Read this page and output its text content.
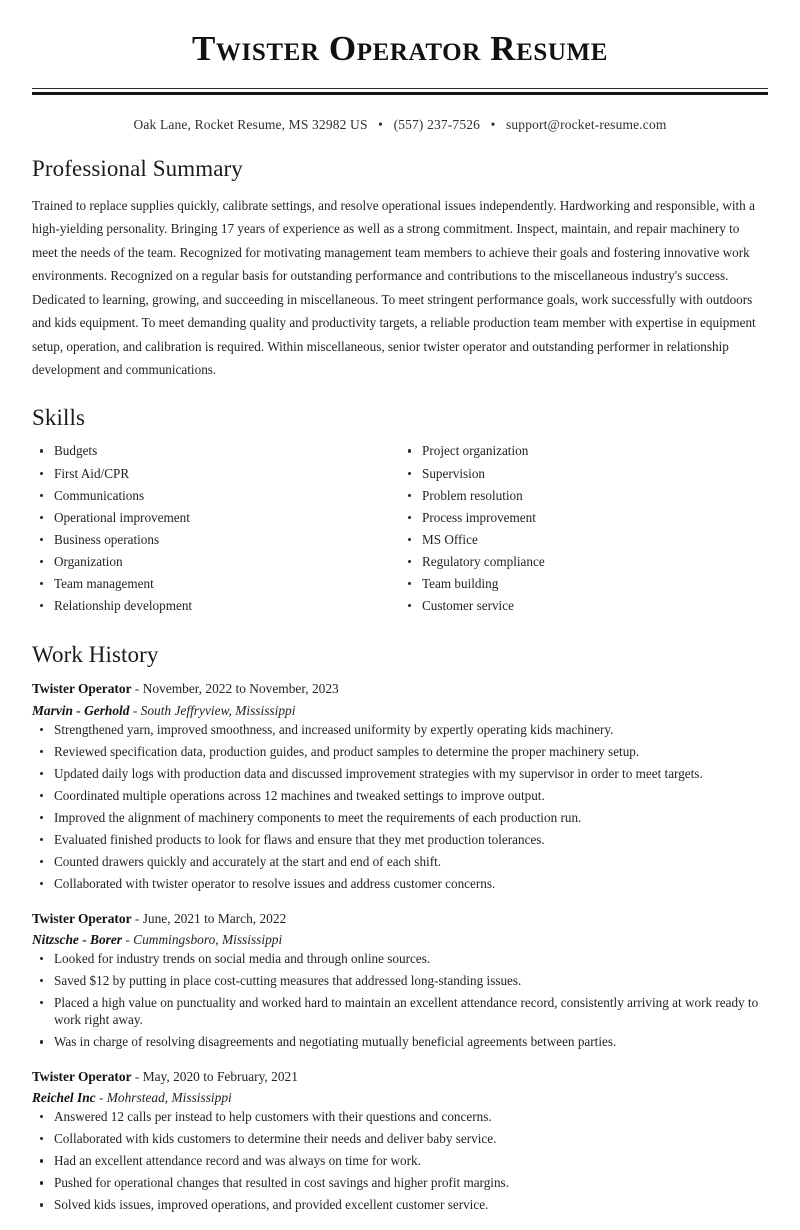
Twister Operator Resume
Oak Lane, Rocket Resume, MS 32982 US • (557) 237-7526 • support@rocket-resume.com
Professional Summary

Trained to replace supplies quickly, calibrate settings, and resolve operational issues independently. Hardworking and responsible, with a high-yielding personality. Bringing 17 years of experience as well as a strong commitment. Inspect, maintain, and repair machinery to meet the needs of the team. Recognized for motivating management team members to achieve their goals and fostering innovative work environments. Recognized on a regular basis for outstanding performance and contributions to the miscellaneous industry's success. Dedicated to learning, growing, and succeeding in miscellaneous. To meet stringent performance goals, work successfully with outdoors and kids equipment. To meet demanding quality and productivity targets, a reliable production team member with expertise in equipment setup, operation, and calibration is required. Within miscellaneous, senior twister operator and outstanding performer in relationship development and communications.

Skills
Budgets
First Aid/CPR
Communications
Operational improvement
Business operations
Organization
Team management
Relationship development
Project organization
Supervision
Problem resolution
Process improvement
MS Office
Regulatory compliance
Team building
Customer service
Work History
Twister Operator - November, 2022 to November, 2023
Marvin - Gerhold - South Jeffryview, Mississippi
Strengthened yarn, improved smoothness, and increased uniformity by expertly operating kids machinery.
Reviewed specification data, production guides, and product samples to determine the proper machinery setup.
Updated daily logs with production data and discussed improvement strategies with my supervisor in order to meet targets.
Coordinated multiple operations across 12 machines and tweaked settings to improve output.
Improved the alignment of machinery components to meet the requirements of each production run.
Evaluated finished products to look for flaws and ensure that they met production tolerances.
Counted drawers quickly and accurately at the start and end of each shift.
Collaborated with twister operator to resolve issues and address customer concerns.
Twister Operator - June, 2021 to March, 2022
Nitzsche - Borer - Cummingsboro, Mississippi
Looked for industry trends on social media and through online sources.
Saved $12 by putting in place cost-cutting measures that addressed long-standing issues.
Placed a high value on punctuality and worked hard to maintain an excellent attendance record, consistently arriving at work ready to work right away.
Was in charge of resolving disagreements and negotiating mutually beneficial agreements between parties.
Twister Operator - May, 2020 to February, 2021
Reichel Inc - Mohrstead, Mississippi
Answered 12 calls per instead to help customers with their questions and concerns.
Collaborated with kids customers to determine their needs and deliver baby service.
Had an excellent attendance record and was always on time for work.
Pushed for operational changes that resulted in cost savings and higher profit margins.
Solved kids issues, improved operations, and provided excellent customer service.
